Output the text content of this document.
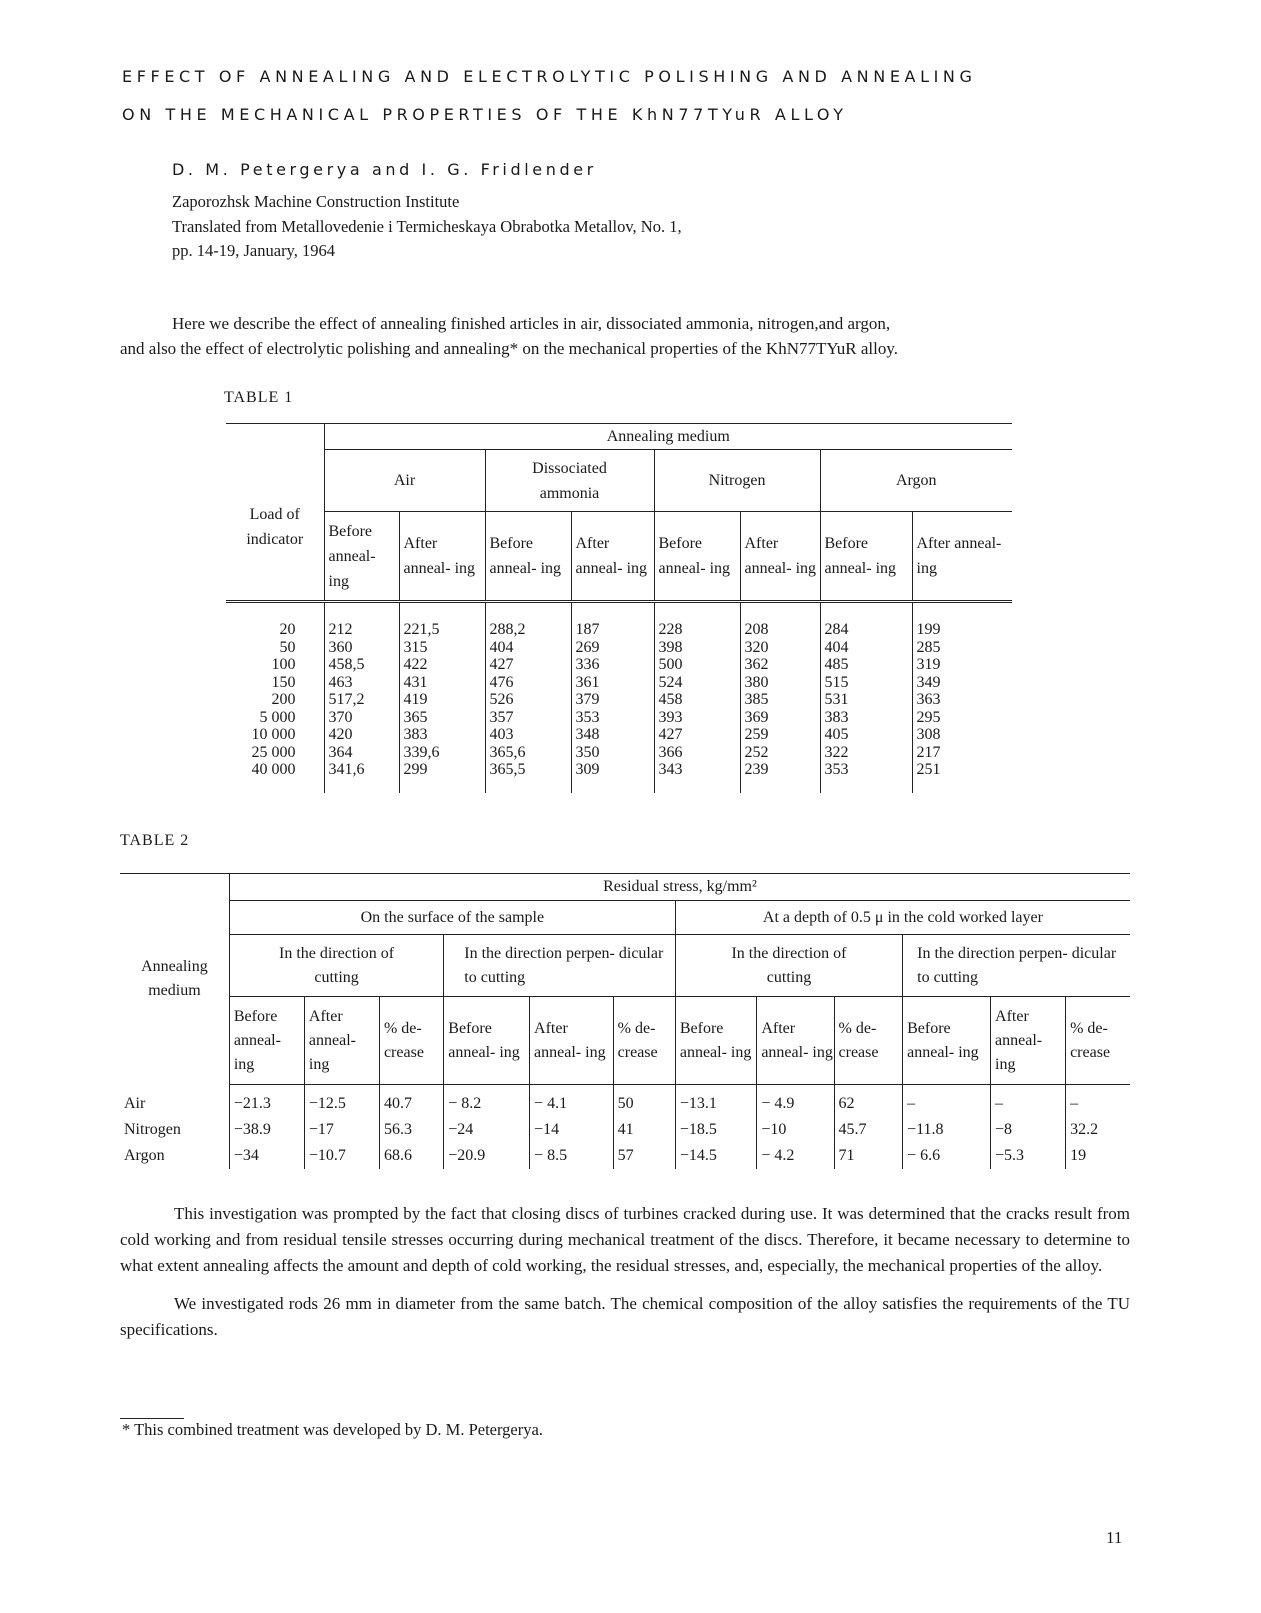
EFFECT OF ANNEALING AND ELECTROLYTIC POLISHING AND ANNEALING
ON THE MECHANICAL PROPERTIES OF THE KhN77TYuR ALLOY
D. M. Petergerya and I. G. Fridlender
Zaporozhsk Machine Construction Institute
Translated from Metallovedenie i Termicheskaya Obrabotka Metallov, No. 1,
pp. 14-19, January, 1964
Here we describe the effect of annealing finished articles in air, dissociated ammonia, nitrogen,and argon,
and also the effect of electrolytic polishing and annealing* on the mechanical properties of the KhN77TYuR alloy.
TABLE 1
Load of indicator	Annealing medium							
	Air		Dissociated ammonia		Nitrogen		Argon	
	Before anneal- ing	After anneal- ing	Before anneal- ing	After anneal- ing	Before anneal- ing	After anneal- ing	Before anneal- ing	After anneal- ing

20	212	221,5	288,2	187	228	208	284	199
50	360	315	404	269	398	320	404	285
100	458,5	422	427	336	500	362	485	319
150	463	431	476	361	524	380	515	349
200	517,2	419	526	379	458	385	531	363
5 000	370	365	357	353	393	369	383	295
10 000	420	383	403	348	427	259	405	308
25 000	364	339,6	365,6	350	366	252	322	217
40 000	341,6	299	365,5	309	343	239	353	251

TABLE 2
Annealing medium	Residual stress, kg/mm²											
	On the surface of the sample						At a depth of 0.5 μ in the cold worked layer					
	In the direction of cutting			In the direction perpen- dicular to cutting			In the direction of cutting			In the direction perpen- dicular to cutting		
	Before anneal- ing	After anneal- ing	% de- crease	Before anneal- ing	After anneal- ing	% de- crease	Before anneal- ing	After anneal- ing	% de- crease	Before anneal- ing	After anneal- ing	% de- crease
Air	−21.3	−12.5	40.7	− 8.2	− 4.1	50	−13.1	− 4.9	62	–	–	–
Nitrogen	−38.9	−17	56.3	−24	−14	41	−18.5	−10	45.7	−11.8	−8	32.2
Argon	−34	−10.7	68.6	−20.9	− 8.5	57	−14.5	− 4.2	71	− 6.6	−5.3	19

This investigation was prompted by the fact that closing discs of turbines cracked during use. It was determined that the cracks result from cold working and from residual tensile stresses occurring during mechanical treatment of the discs. Therefore, it became necessary to determine to what extent annealing affects the amount and depth of cold working, the residual stresses, and, especially, the mechanical properties of the alloy.

We investigated rods 26 mm in diameter from the same batch. The chemical composition of the alloy satisfies the requirements of the TU specifications.

* This combined treatment was developed by D. M. Petergerya.
11
